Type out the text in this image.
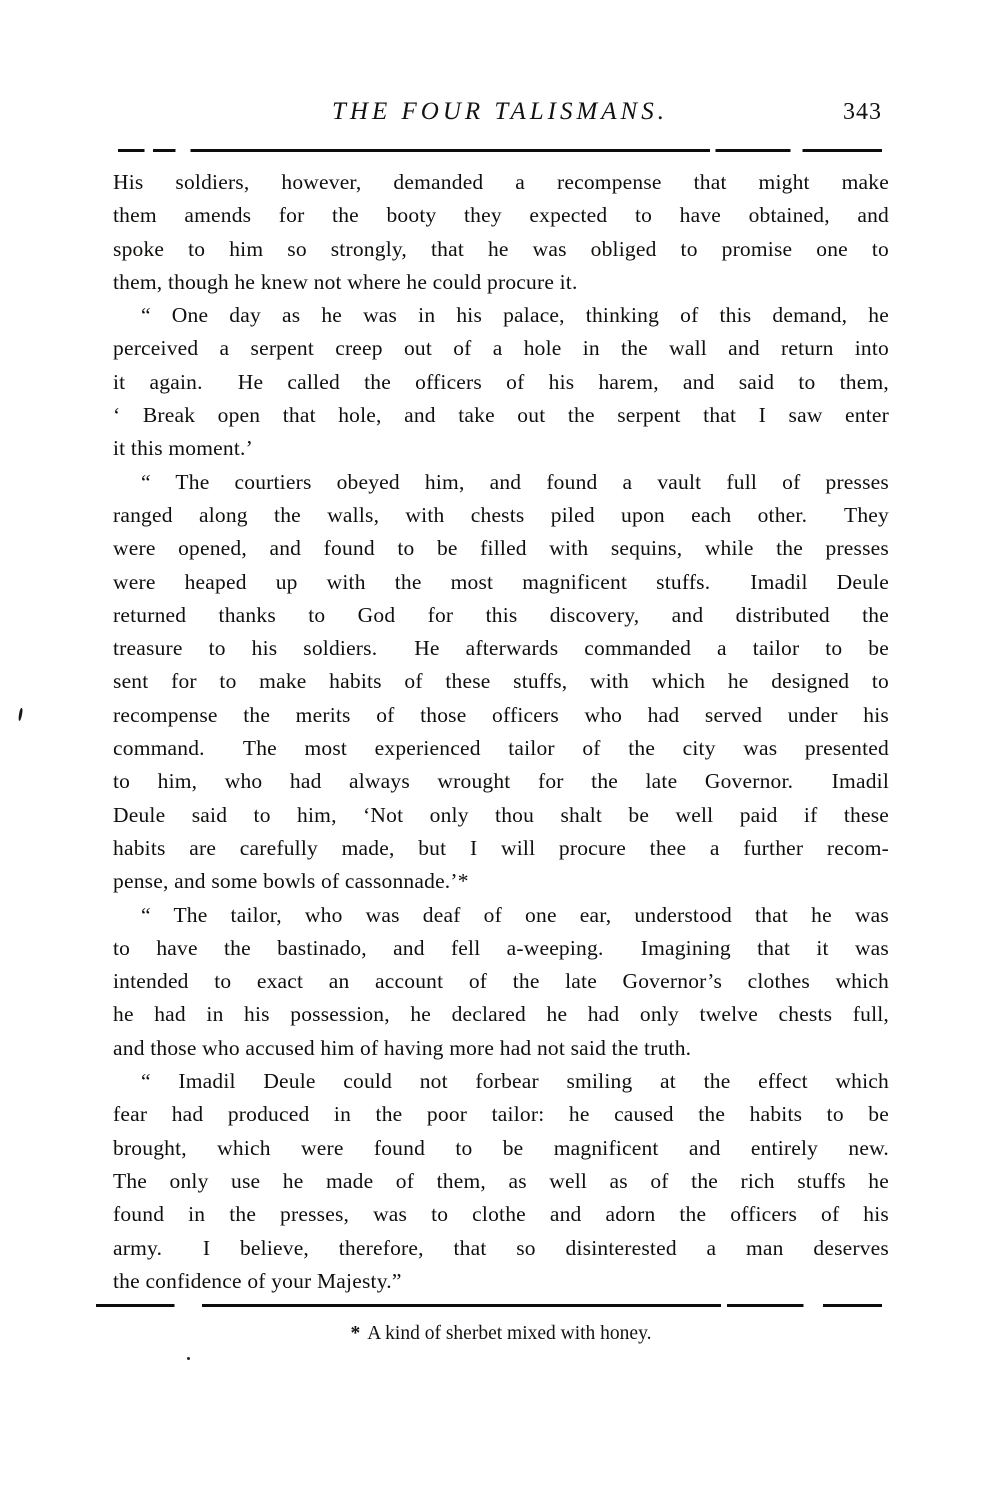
THE FOUR TALISMANS.	343
His soldiers, however, demanded a recompense that might make
them amends for the booty they expected to have obtained, and
spoke to him so strongly, that he was obliged to promise one to
them, though he knew not where he could procure it.
“ One day as he was in his palace, thinking of this demand, he
perceived a serpent creep out of a hole in the wall and return into
it again.  He called the officers of his harem, and said to them,
‘ Break open that hole, and take out the serpent that I saw enter
it this moment.’
“ The courtiers obeyed him, and found a vault full of presses
ranged along the walls, with chests piled upon each other.  They
were opened, and found to be filled with sequins, while the presses
were heaped up with the most magnificent stuffs.  Imadil Deule
returned thanks to God for this discovery, and distributed the
treasure to his soldiers.  He afterwards commanded a tailor to be
sent for to make habits of these stuffs, with which he designed to
recompense the merits of those officers who had served under his
command.  The most experienced tailor of the city was presented
to him, who had always wrought for the late Governor.  Imadil
Deule said to him, ‘Not only thou shalt be well paid if these
habits are carefully made, but I will procure thee a further recom-
pense, and some bowls of cassonnade.’*
“ The tailor, who was deaf of one ear, understood that he was
to have the bastinado, and fell a-weeping.  Imagining that it was
intended to exact an account of the late Governor’s clothes which
he had in his possession, he declared he had only twelve chests full,
and those who accused him of having more had not said the truth.
“ Imadil Deule could not forbear smiling at the effect which
fear had produced in the poor tailor: he caused the habits to be
brought, which were found to be magnificent and entirely new.
The only use he made of them, as well as of the rich stuffs he
found in the presses, was to clothe and adorn the officers of his
army.  I believe, therefore, that so disinterested a man deserves
the confidence of your Majesty.”
* A kind of sherbet mixed with honey.
